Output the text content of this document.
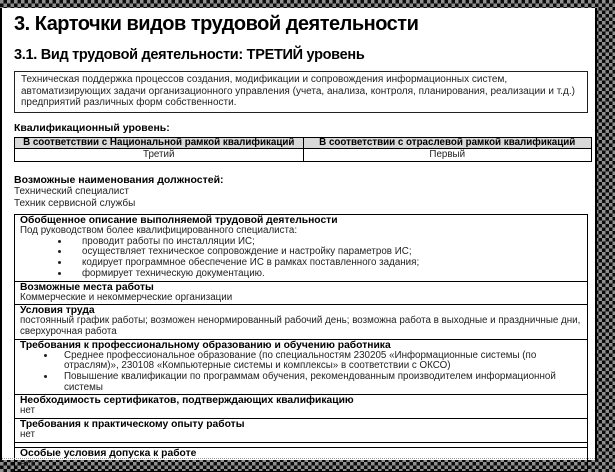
3. Карточки видов трудовой деятельности
3.1. Вид трудовой деятельности: ТРЕТИЙ уровень
Техническая поддержка процессов создания, модификации и сопровождения информационных систем, автоматизирующих задачи организационного управления (учета, анализа, контроля, планирования, реализации и т.д.) предприятий различных форм собственности.
Квалификационный уровень:
В соответствии с Национальной рамкой квалификаций	В соответствии с отраслевой рамкой квалификаций
Третий	Первый
Возможные наименования должностей:
Технический специалист
Техник сервисной службы
Обобщенное описание выполняемой трудовой деятельности
Под руководством более квалифицированного специалиста:
• проводит работы по инсталляции ИС;
• осуществляет техническое сопровождение и настройку параметров ИС;
• кодирует программное обеспечение ИС в рамках поставленного задания;
• формирует техническую документацию.
Возможные места работы
Коммерческие и некоммерческие организации
Условия труда
постоянный график работы; возможен ненормированный рабочий день; возможна работа в выходные и праздничные дни, сверхурочная работа
Требования к профессиональному образованию и обучению работника
• Среднее профессиональное образование (по специальностям 230205 «Информационные системы (по отраслям)», 230108 «Компьютерные системы и комплексы» в соответствии с ОКСО)
• Повышение квалификации по программам обучения, рекомендованным производителем информационной системы
Необходимость сертификатов, подтверждающих квалификацию
нет
Требования к практическому опыту работы
нет
Особые условия допуска к работе
нет
